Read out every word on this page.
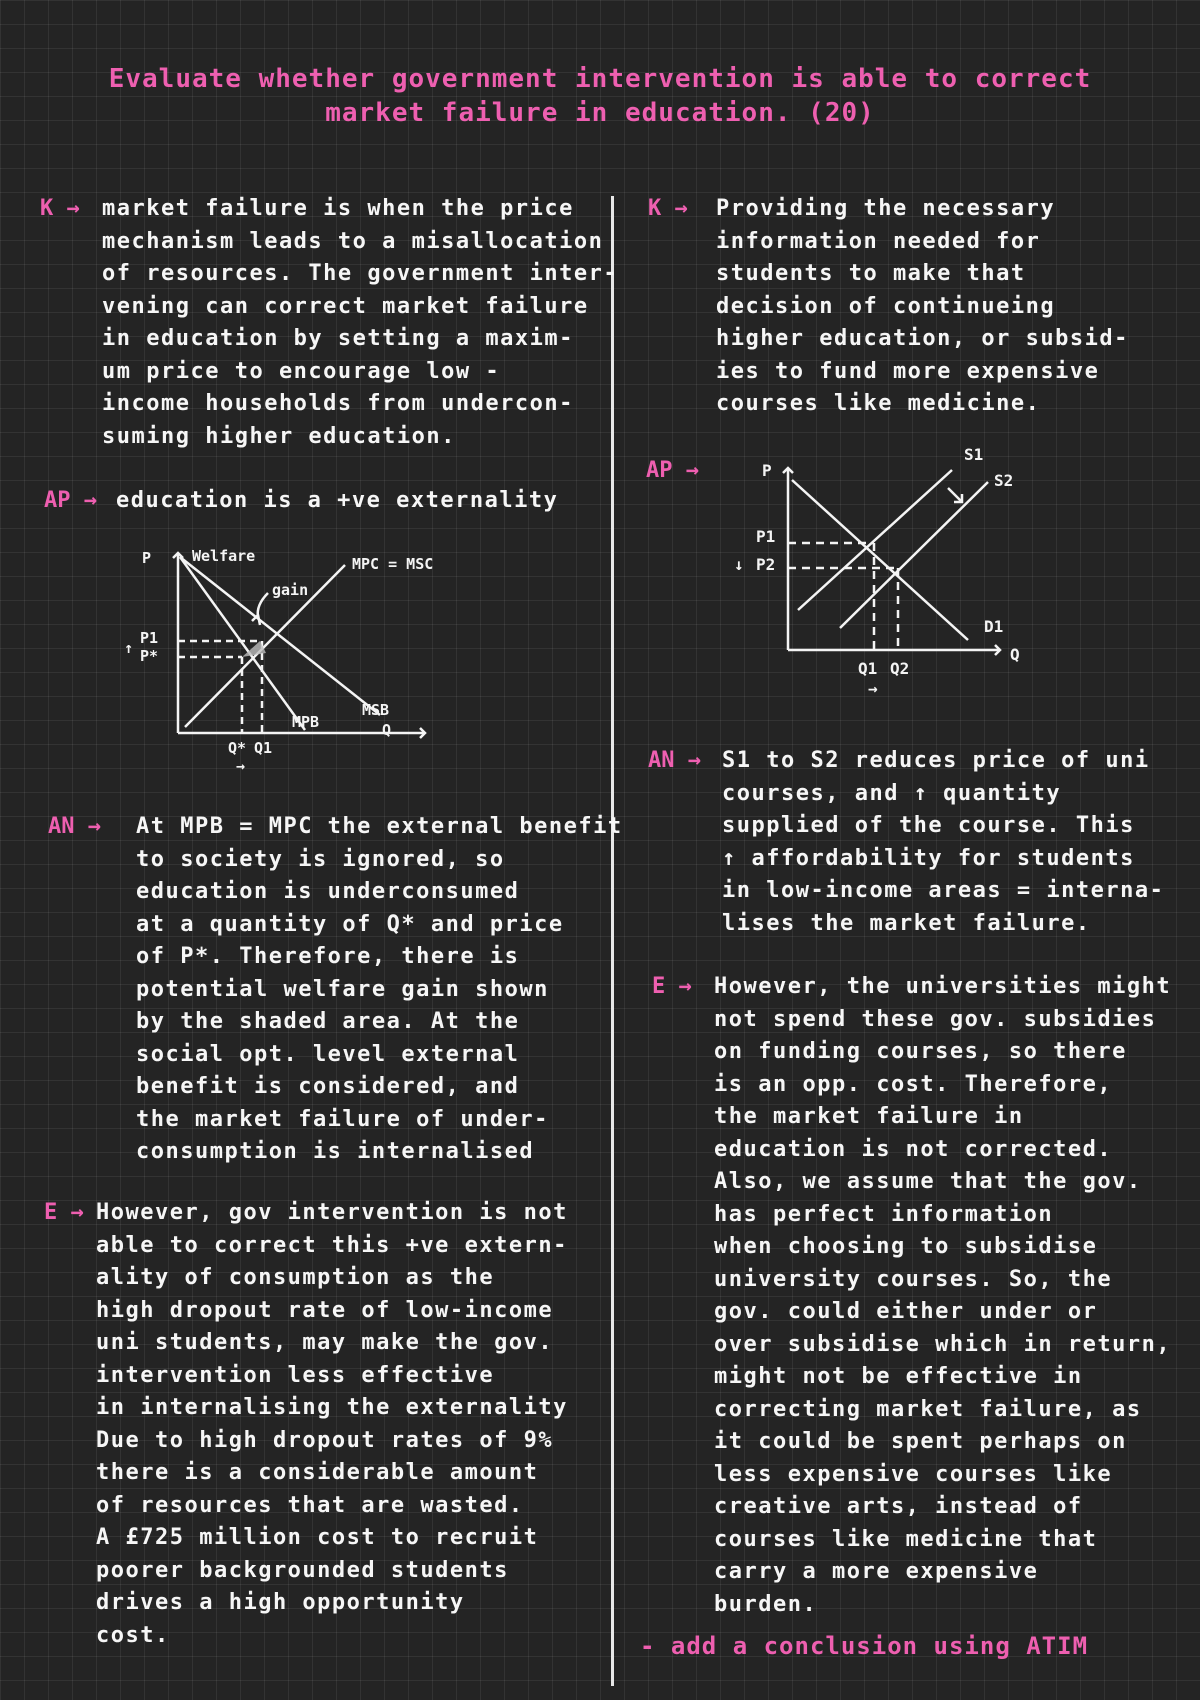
Evaluate whether government intervention is able to correct
market failure in education. (20)
K → market failure is when the price
mechanism leads to a misallocation
of resources. The government inter-
vening can correct market failure
in education by setting a maxim-
um price to encourage low -
income households from undercon-
suming higher education.
AP → education is a +ve externality
P	Welfare
gain
MPC = MSC
↑
P1
P*
MPB
MSB
Q
Q* Q1
→
AN → At MPB = MPC the external benefit
to society is ignored, so
education is underconsumed
at a quantity of Q* and price
of P*. Therefore, there is
potential welfare gain shown
by the shaded area. At the
social opt. level external
benefit is considered, and
the market failure of under-
consumption is internalised
E → However, gov intervention is not
able to correct this +ve extern-
ality of consumption as the
high dropout rate of low-income
uni students, may make the gov.
intervention less effective
in internalising the externality
Due to high dropout rates of 9%
there is a considerable amount
of resources that are wasted.
A £725 million cost to recruit
poorer backgrounded students
drives a high opportunity
cost.
K → Providing the necessary
information needed for
students to make that
decision of continueing
higher education, or subsid-
ies to fund more expensive
courses like medicine.
AP →	P
S1
S2
P1
↓ P2
D1
Q
Q1 Q2
→
AN → S1 to S2 reduces price of uni
courses, and ↑ quantity
supplied of the course. This
↑ affordability for students
in low-income areas = interna-
lises the market failure.
E → However, the universities might
not spend these gov. subsidies
on funding courses, so there
is an opp. cost. Therefore,
the market failure in
education is not corrected.
Also, we assume that the gov.
has perfect information
when choosing to subsidise
university courses. So, the
gov. could either under or
over subsidise which in return,
might not be effective in
correcting market failure, as
it could be spent perhaps on
less expensive courses like
creative arts, instead of
courses like medicine that
carry a more expensive
burden.
- add a conclusion using ATIM
